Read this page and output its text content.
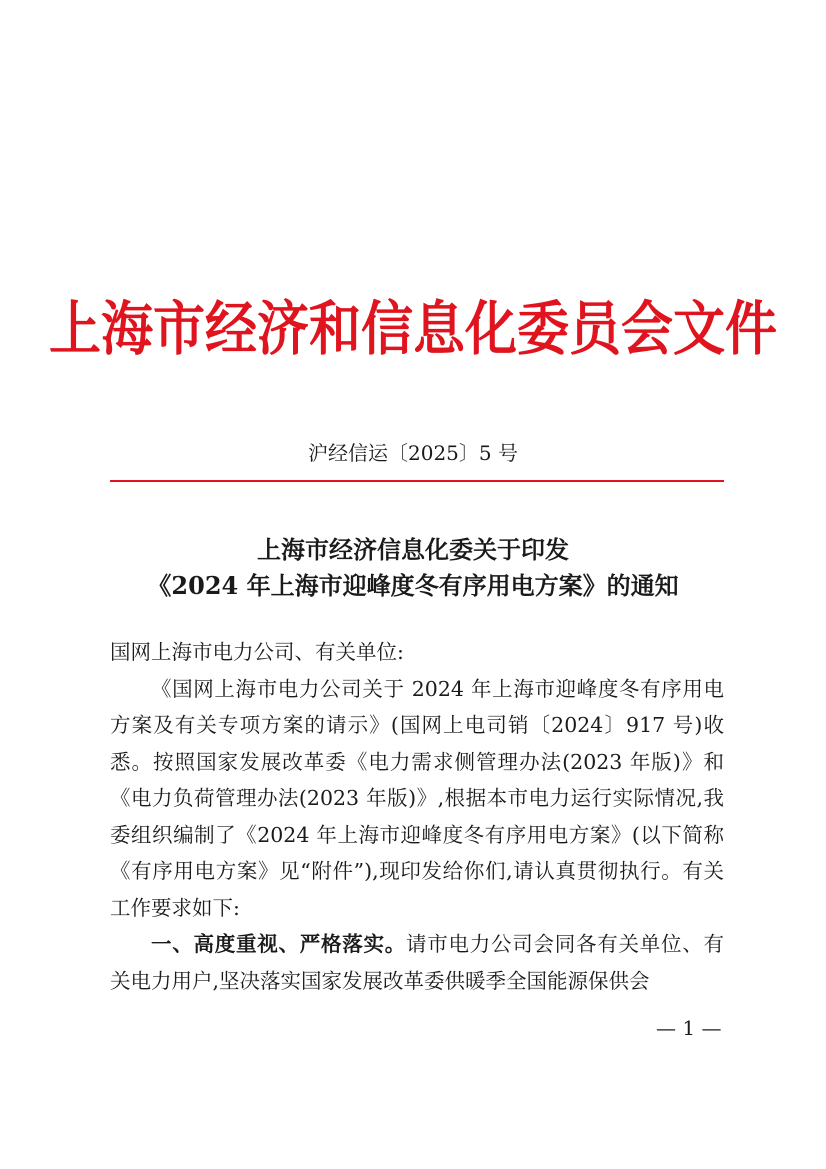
上海市经济和信息化委员会文件
沪经信运〔2025〕5 号
上海市经济信息化委关于印发
《2024 年上海市迎峰度冬有序用电方案》的通知

国网上海市电力公司、有关单位:

《国网上海市电力公司关于 2024 年上海市迎峰度冬有序用电方案及有关专项方案的请示》(国网上电司销〔2024〕917 号)收悉。按照国家发展改革委《电力需求侧管理办法(2023 年版)》和《电力负荷管理办法(2023 年版)》,根据本市电力运行实际情况,我委组织编制了《2024 年上海市迎峰度冬有序用电方案》(以下简称《有序用电方案》见“附件”),现印发给你们,请认真贯彻执行。有关工作要求如下:

一、高度重视、严格落实。请市电力公司会同各有关单位、有关电力用户,坚决落实国家发展改革委供暖季全国能源保供会

— 1 —
